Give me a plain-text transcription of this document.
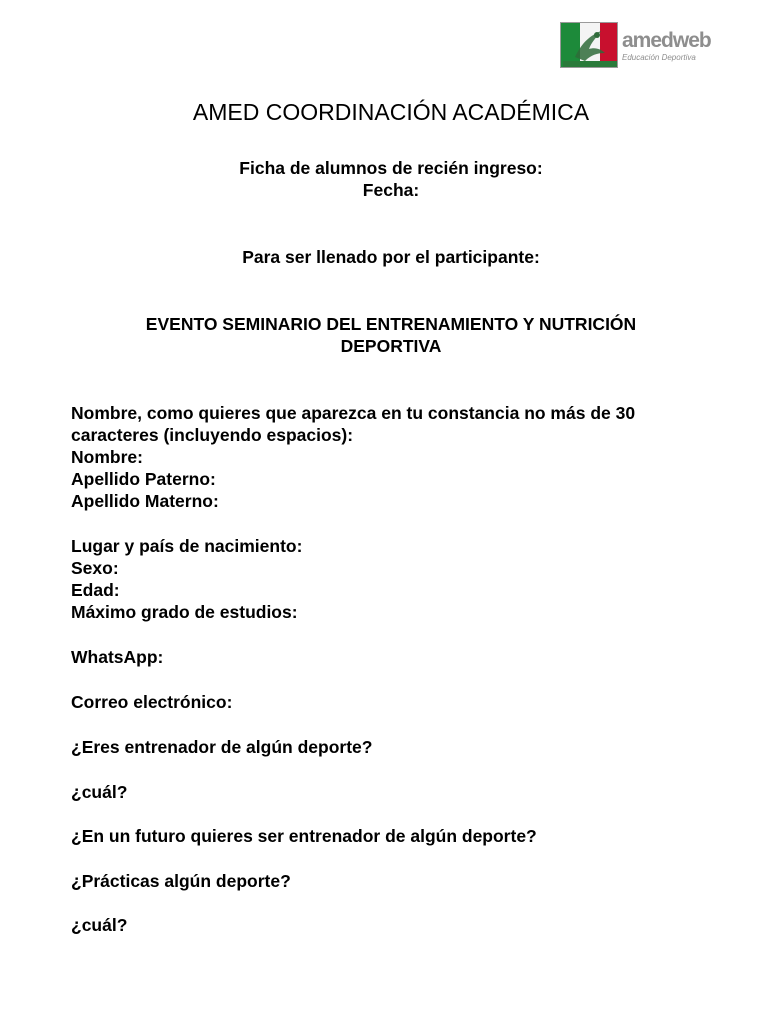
amedweb
Educación Deportiva
AMED COORDINACIÓN ACADÉMICA
Ficha de alumnos de recién ingreso:
Fecha:
Para ser llenado por el participante:
EVENTO SEMINARIO DEL ENTRENAMIENTO Y NUTRICIÓN
DEPORTIVA
Nombre, como quieres que aparezca en tu constancia no más de 30
caracteres (incluyendo espacios):
Nombre:
Apellido Paterno:
Apellido Materno:
Lugar y país de nacimiento:
Sexo:
Edad:
Máximo grado de estudios:
WhatsApp:
Correo electrónico:
¿Eres entrenador de algún deporte?
¿cuál?
¿En un futuro quieres ser entrenador de algún deporte?
¿Prácticas algún deporte?
¿cuál?
